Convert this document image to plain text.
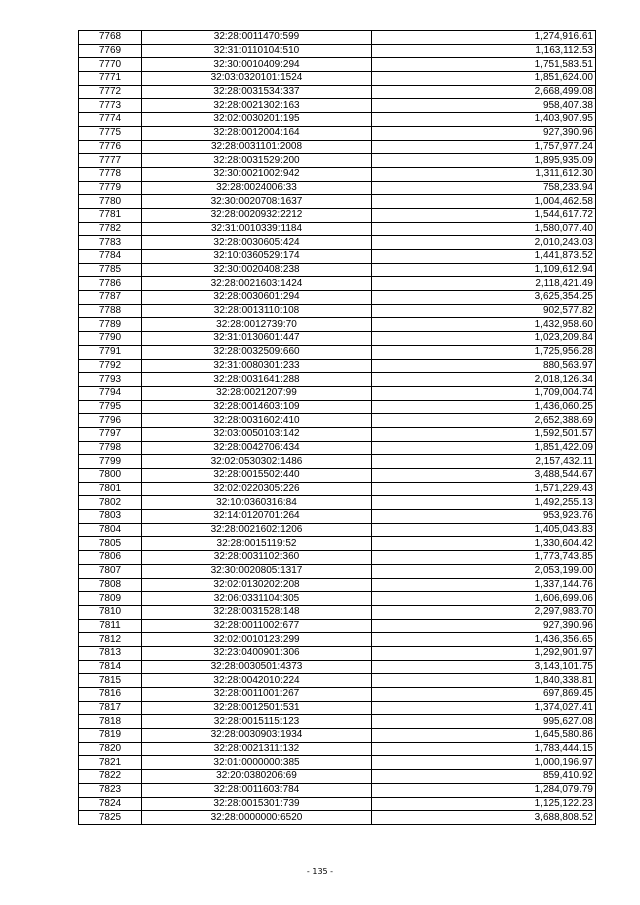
7768	32:28:0011470:599	1,274,916.61
7769	32:31:0110104:510	1,163,112.53
7770	32:30:0010409:294	1,751,583.51
7771	32:03:0320101:1524	1,851,624.00
7772	32:28:0031534:337	2,668,499.08
7773	32:28:0021302:163	958,407.38
7774	32:02:0030201:195	1,403,907.95
7775	32:28:0012004:164	927,390.96
7776	32:28:0031101:2008	1,757,977.24
7777	32:28:0031529:200	1,895,935.09
7778	32:30:0021002:942	1,311,612.30
7779	32:28:0024006:33	758,233.94
7780	32:30:0020708:1637	1,004,462.58
7781	32:28:0020932:2212	1,544,617.72
7782	32:31:0010339:1184	1,580,077.40
7783	32:28:0030605:424	2,010,243.03
7784	32:10:0360529:174	1,441,873.52
7785	32:30:0020408:238	1,109,612.94
7786	32:28:0021603:1424	2,118,421.49
7787	32:28:0030601:294	3,625,354.25
7788	32:28:0013110:108	902,577.82
7789	32:28:0012739:70	1,432,958.60
7790	32:31:0130601:447	1,023,209.84
7791	32:28:0032509:660	1,725,956.28
7792	32:31:0080301:233	880,563.97
7793	32:28:0031641:288	2,018,126.34
7794	32:28:0021207:99	1,709,004.74
7795	32:28:0014603:109	1,436,060.25
7796	32:28:0031602:410	2,652,388.69
7797	32:03:0050103:142	1,592,501.57
7798	32:28:0042706:434	1,851,422.09
7799	32:02:0530302:1486	2,157,432.11
7800	32:28:0015502:440	3,488,544.67
7801	32:02:0220305:226	1,571,229.43
7802	32:10:0360316:84	1,492,255.13
7803	32:14:0120701:264	953,923.76
7804	32:28:0021602:1206	1,405,043.83
7805	32:28:0015119:52	1,330,604.42
7806	32:28:0031102:360	1,773,743.85
7807	32:30:0020805:1317	2,053,199.00
7808	32:02:0130202:208	1,337,144.76
7809	32:06:0331104:305	1,606,699.06
7810	32:28:0031528:148	2,297,983.70
7811	32:28:0011002:677	927,390.96
7812	32:02:0010123:299	1,436,356.65
7813	32:23:0400901:306	1,292,901.97
7814	32:28:0030501:4373	3,143,101.75
7815	32:28:0042010:224	1,840,338.81
7816	32:28:0011001:267	697,869.45
7817	32:28:0012501:531	1,374,027.41
7818	32:28:0015115:123	995,627.08
7819	32:28:0030903:1934	1,645,580.86
7820	32:28:0021311:132	1,783,444.15
7821	32:01:0000000:385	1,000,196.97
7822	32:20:0380206:69	859,410.92
7823	32:28:0011603:784	1,284,079.79
7824	32:28:0015301:739	1,125,122.23
7825	32:28:0000000:6520	3,688,808.52
- 135 -
